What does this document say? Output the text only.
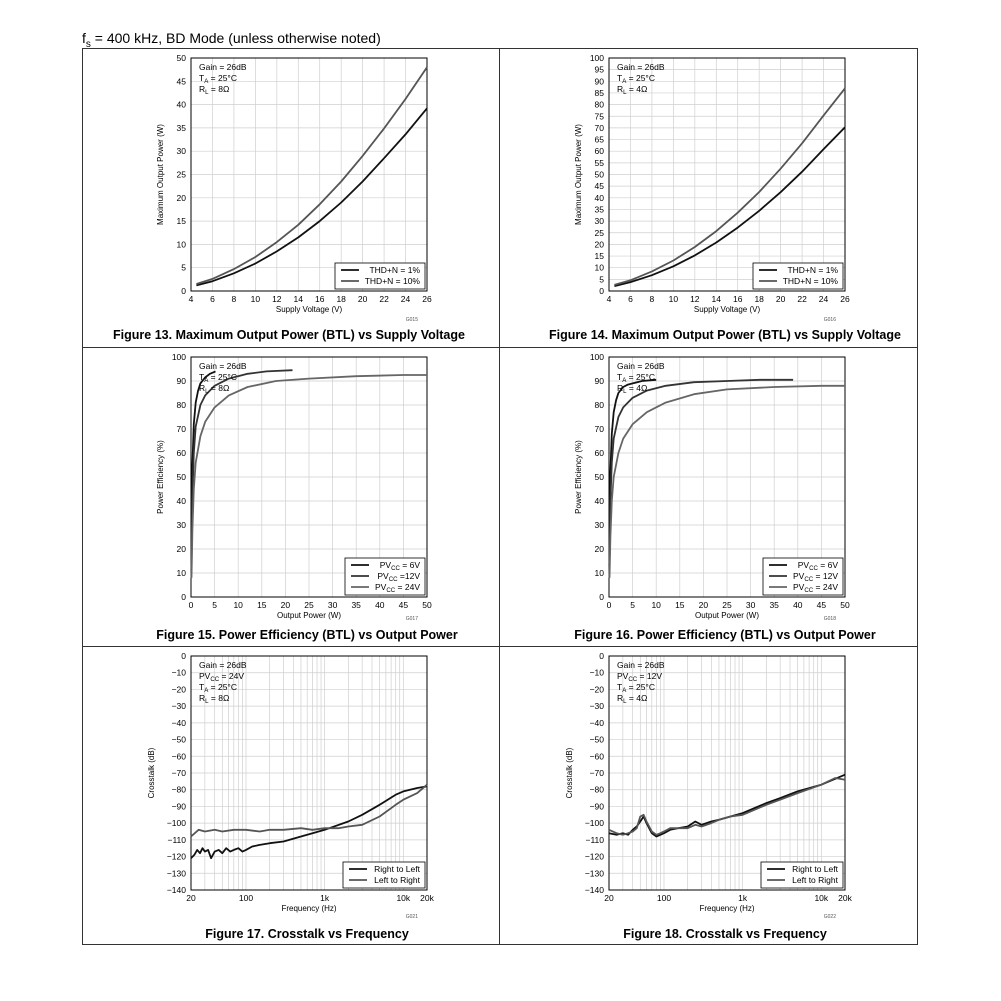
$f_s = 400$ kHz, BD Mode (unless otherwise noted)
0
5
10
15
20
25
30
35
40
45
50
4 6 8 10 12 14 16 18 20 22 24 26
Supply Voltage (V)
Maximum Output Power (W)
Gain = 26dB
$T_A = 25^\circ C$
$R_L = 8\Omega$
THD+N = 1%
THD+N = 10%
G015
Figure 13. Maximum Output Power (BTL) vs Supply Voltage
0
5
10
15
20
25
30
35
40
45
50
55
60
65
70
75
80
85
90
95
100
4 6 8 10 12 14 16 18 20 22 24 26
Supply Voltage (V)
Maximum Output Power (W)
Gain = 26dB
$T_A = 25^\circ C$
$R_L = 4\Omega$
THD+N = 1%
THD+N = 10%
G016
Figure 14. Maximum Output Power (BTL) vs Supply Voltage
0
10
20
30
40
50
60
70
80
90
100
0 5 10 15 20 25 30 35 40 45 50
Output Power (W)
Power Efficiency (%)
Gain = 26dB
$T_A = 25^\circ C$
$R_L = 8\Omega$
$PV_{CC} = 6V$
$PV_{CC} =12V$
$PV_{CC} = 24V$
G017
Figure 15. Power Efficiency (BTL) vs Output Power
0
10
20
30
40
50
60
70
80
90
100
0 5 10 15 20 25 30 35 40 45 50
Output Power (W)
Power Efficiency (%)
Gain = 26dB
$T_A = 25^\circ C$
$R_L = 4\Omega$
$PV_{CC} = 6V$
$PV_{CC} = 12V$
$PV_{CC} = 24V$
G018
Figure 16. Power Efficiency (BTL) vs Output Power
0
−10
−20
−30
−40
−50
−60
−70
−80
−90
−100
−110
−120
−130
−140
20	100	1k	10k 20k
Frequency (Hz)
Crosstalk (dB)
Gain = 26dB
$PV_{CC} = 24V$
$T_A = 25^\circ C$
$R_L = 8\Omega$
Right to Left
Left to Right
G021
Figure 17. Crosstalk vs Frequency
0
−10
−20
−30
−40
−50
−60
−70
−80
−90
−100
−110
−120
−130
−140
20	100	1k	10k 20k
Frequency (Hz)
Crosstalk (dB)
Gain = 26dB
$PV_{CC} = 12V$
$T_A = 25^\circ C$
$R_L = 4\Omega$
Right to Left
Left to Right
G022
Figure 18. Crosstalk vs Frequency
